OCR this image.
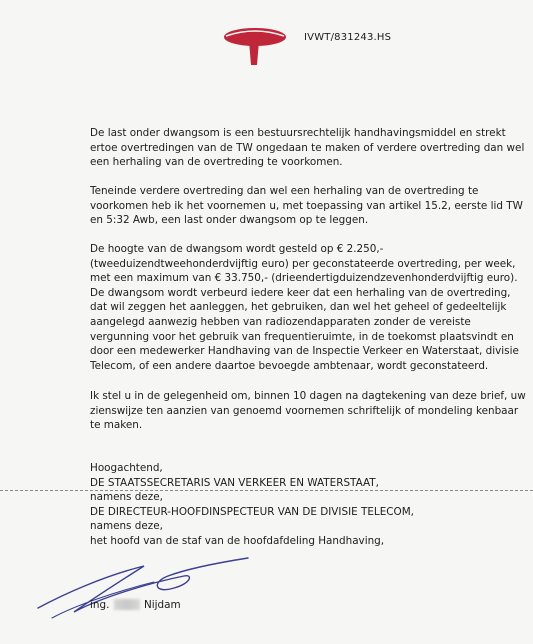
IVWT/831243.HS

De last onder dwangsom is een bestuursrechtelijk handhavingsmiddel en strekt ertoe overtredingen van de TW ongedaan te maken of verdere overtreding dan wel een herhaling van de overtreding te voorkomen.

Teneinde verdere overtreding dan wel een herhaling van de overtreding te voorkomen heb ik het voornemen u, met toepassing van artikel 15.2, eerste lid TW en 5:32 Awb, een last onder dwangsom op te leggen.

De hoogte van de dwangsom wordt gesteld op € 2.250,- (tweeduizendtweehonderdvijftig euro) per geconstateerde overtreding, per week, met een maximum van € 33.750,- (drieendertigduizendzevenhonderdvijftig euro). De dwangsom wordt verbeurd iedere keer dat een herhaling van de overtreding, dat wil zeggen het aanleggen, het gebruiken, dan wel het geheel of gedeeltelijk aangelegd aanwezig hebben van radiozendapparaten zonder de vereiste vergunning voor het gebruik van frequentieruimte, in de toekomst plaatsvindt en door een medewerker Handhaving van de Inspectie Verkeer en Waterstaat, divisie Telecom, of een andere daartoe bevoegde ambtenaar, wordt geconstateerd.

Ik stel u in de gelegenheid om, binnen 10 dagen na dagtekening van deze brief, uw zienswijze ten aanzien van genoemd voornemen schriftelijk of mondeling kenbaar te maken.

Hoogachtend,
DE STAATSSECRETARIS VAN VERKEER EN WATERSTAAT,
namens deze,
DE DIRECTEUR-HOOFDINSPECTEUR VAN DE DIVISIE TELECOM,
namens deze,
het hoofd van de staf van de hoofdafdeling Handhaving,
ing.	Nijdam
